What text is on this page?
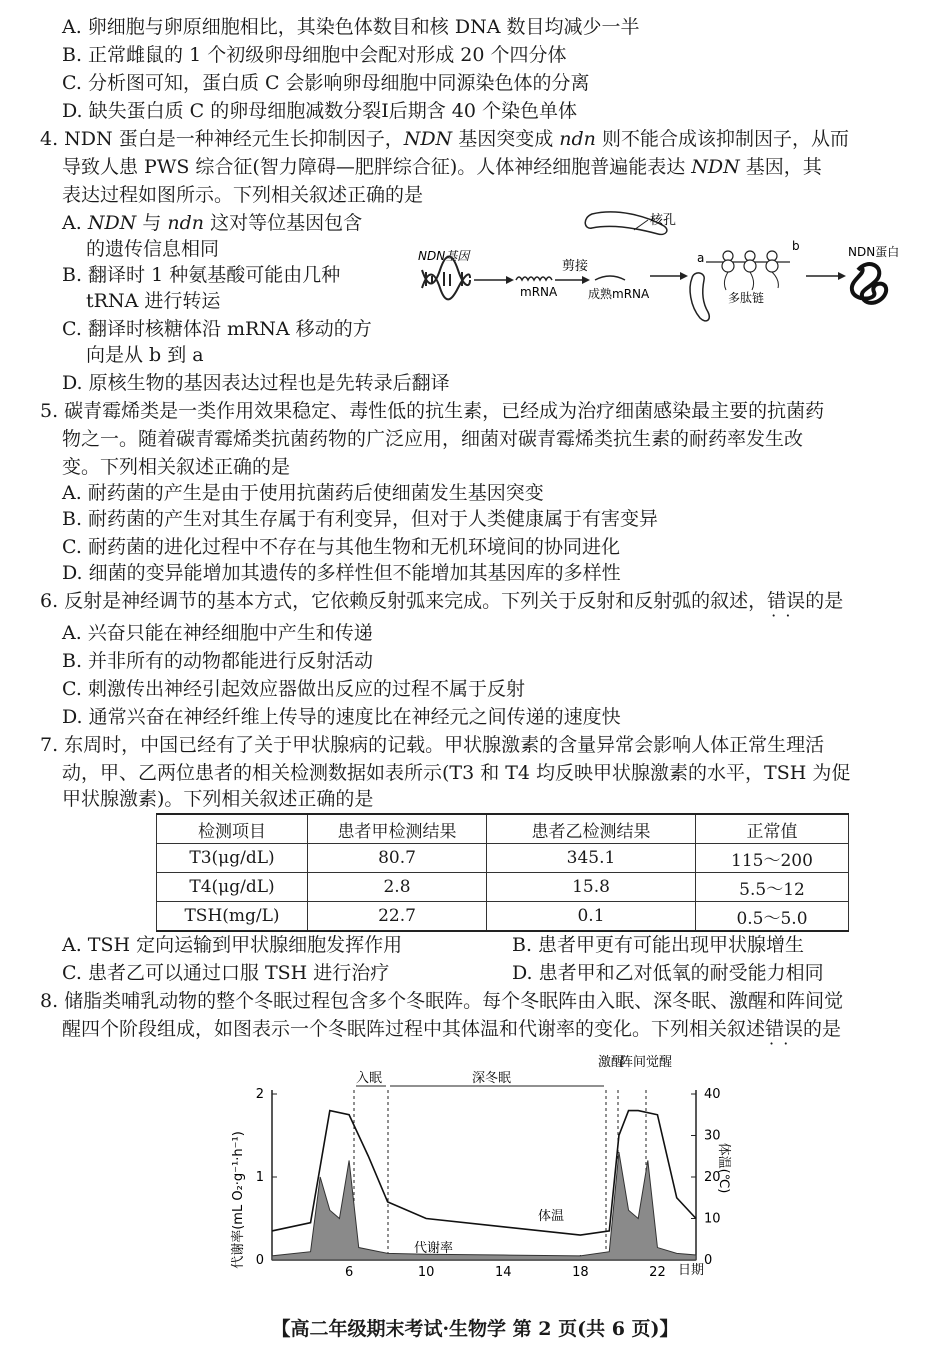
A. 卵细胞与卵原细胞相比，其染色体数目和核 DNA 数目均减少一半
B. 正常雌鼠的 1 个初级卵母细胞中会配对形成 20 个四分体
C. 分析图可知，蛋白质 C 会影响卵母细胞中同源染色体的分离
D. 缺失蛋白质 C 的卵母细胞减数分裂Ⅰ后期含 40 个染色单体
4. NDN 蛋白是一种神经元生长抑制因子，NDN 基因突变成 ndn 则不能合成该抑制因子，从而
导致人患 PWS 综合征(智力障碍—肥胖综合征)。人体神经细胞普遍能表达 NDN 基因，其
表达过程如图所示。下列相关叙述正确的是
A. NDN 与 ndn 这对等位基因包含
的遗传信息相同
B. 翻译时 1 种氨基酸可能由几种
tRNA 进行转运
C. 翻译时核糖体沿 mRNA 移动的方
向是从 b 到 a
D. 原核生物的基因表达过程也是先转录后翻译
NDN基因
mRNA
剪接
成熟mRNA
核孔
a
b
多肽链
NDN蛋白
5. 碳青霉烯类是一类作用效果稳定、毒性低的抗生素，已经成为治疗细菌感染最主要的抗菌药
物之一。随着碳青霉烯类抗菌药物的广泛应用，细菌对碳青霉烯类抗生素的耐药率发生改
变。下列相关叙述正确的是
A. 耐药菌的产生是由于使用抗菌药后使细菌发生基因突变
B. 耐药菌的产生对其生存属于有利变异，但对于人类健康属于有害变异
C. 耐药菌的进化过程中不存在与其他生物和无机环境间的协同进化
D. 细菌的变异能增加其遗传的多样性但不能增加其基因库的多样性
6. 反射是神经调节的基本方式，它依赖反射弧来完成。下列关于反射和反射弧的叙述，错误 · ·的是
A. 兴奋只能在神经细胞中产生和传递
B. 并非所有的动物都能进行反射活动
C. 刺激传出神经引起效应器做出反应的过程不属于反射
D. 通常兴奋在神经纤维上传导的速度比在神经元之间传递的速度快
7. 东周时，中国已经有了关于甲状腺病的记载。甲状腺激素的含量异常会影响人体正常生理活
动，甲、乙两位患者的相关检测数据如表所示(T3 和 T4 均反映甲状腺激素的水平，TSH 为促
甲状腺激素)。下列相关叙述正确的是
检测项目	患者甲检测结果	患者乙检测结果	正常值
T3(μg/dL)	80.7	345.1	115～200
T4(μg/dL)	2.8	15.8	5.5～12
TSH(mg/L)	22.7	0.1	0.5～5.0
A. TSH 定向运输到甲状腺细胞发挥作用	B. 患者甲更有可能出现甲状腺增生
C. 患者乙可以通过口服 TSH 进行治疗	D. 患者甲和乙对低氧的耐受能力相同
8. 储脂类哺乳动物的整个冬眠过程包含多个冬眠阵。每个冬眠阵由入眠、深冬眠、激醒和阵间觉
醒四个阶段组成，如图表示一个冬眠阵过程中其体温和代谢率的变化。下列相关叙述错误 · ·的是
代谢率(mL O₂·g⁻¹·h⁻¹)	体温(℃)
日期
入眠	深冬眠
激醒
阵间觉醒
6	10	14	18	22
0
1
2
0
10
20
30
40
体温
代谢率
【高二年级期末考试·生物学 第 2 页(共 6 页)】
